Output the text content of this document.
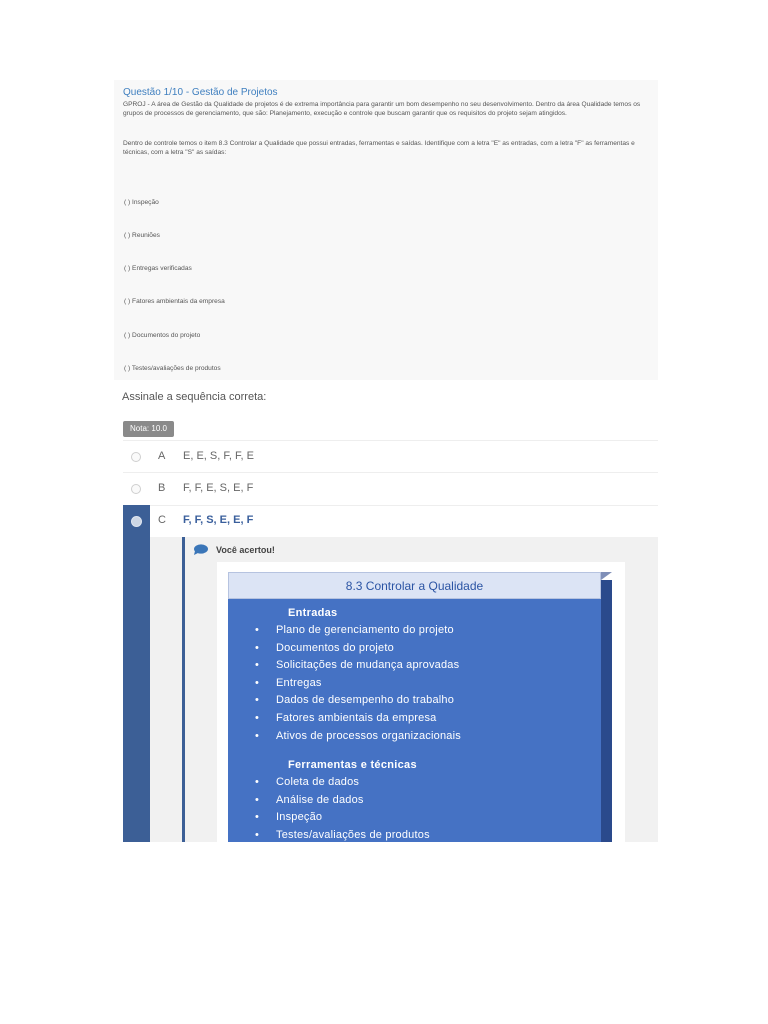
Questão 1/10 - Gestão de Projetos
GPROJ - A área de Gestão da Qualidade de projetos é de extrema importância para garantir um bom desempenho no seu desenvolvimento. Dentro da área Qualidade temos os grupos de processos de gerenciamento, que são: Planejamento, execução e controle que buscam garantir que os requisitos do projeto sejam atingidos.
Dentro de controle temos o item 8.3 Controlar a Qualidade que possui entradas, ferramentas e saídas. Identifique com a letra "E" as entradas, com a letra "F" as ferramentas e técnicas, com a letra "S" as saídas:
( ) Inspeção
( ) Reuniões
( ) Entregas verificadas
( ) Fatores ambientais da empresa
( ) Documentos do projeto
( ) Testes/avaliações de produtos
Assinale a sequência correta:
Nota: 10.0
A E, E, S, F, F, E
B F, F, E, S, E, F
C F, F, S, E, E, F
Você acertou!
8.3 Controlar a Qualidade
Entradas
Plano de gerenciamento do projeto
Documentos do projeto
Solicitações de mudança aprovadas
Entregas
Dados de desempenho do trabalho
Fatores ambientais da empresa
Ativos de processos organizacionais
Ferramentas e técnicas
Coleta de dados
Análise de dados
Inspeção
Testes/avaliações de produtos
